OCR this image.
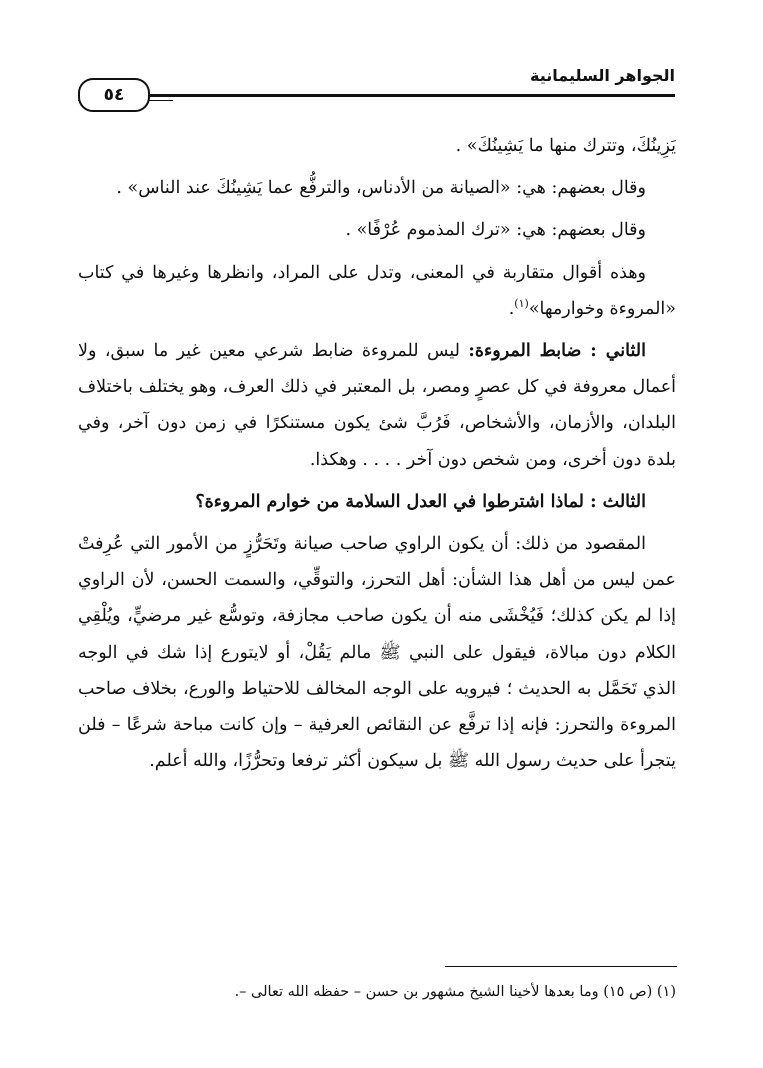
الجواهر السليمانية
٥٤

يَزِينُكَ، وتترك منها ما يَشِينُكَ» .

وقال بعضهم: هي: «الصيانة من الأدناس، والترفُّع عما يَشِينُكَ عند الناس» .

وقال بعضهم: هي: «ترك المذموم عُرْفًا» .

وهذه أقوال متقاربة في المعنى، وتدل على المراد، وانظرها وغيرها في كتاب «المروءة وخوارمها»$^{(١)}$.

الثاني : ضابط المروءة: ليس للمروءة ضابط شرعي معين غير ما سبق، ولا أعمال معروفة في كل عصرٍ ومصر، بل المعتبر في ذلك العرف، وهو يختلف باختلاف البلدان، والأزمان، والأشخاص، فَرُبَّ شئ يكون مستنكرًا في زمن دون آخر، وفي بلدة دون أخرى، ومن شخص دون آخر . . . . وهكذا.

الثالث : لماذا اشترطوا في العدل السلامة من خوارم المروءة؟

المقصود من ذلك: أن يكون الراوي صاحب صيانة وتَحَرُّزٍ من الأمور التي عُرِفتْ عمن ليس من أهل هذا الشأن: أهل التحرز، والتوقِّي، والسمت الحسن، لأن الراوي إذا لم يكن كذلك؛ فَيُخْشَى منه أن يكون صاحب مجازفة، وتوسُّع غير مرضيٍّ، ويُلْقِي الكلام دون مبالاة، فيقول على النبي ﷺ مالم يَقُلْ، أو لايتورع إذا شك في الوجه الذي تَحَمَّل به الحديث ؛ فيرويه على الوجه المخالف للاحتياط والورع، بخلاف صاحب المروءة والتحرز: فإنه إذا ترفَّع عن النقائص العرفية – وإن كانت مباحة شرعًا – فلن يتجرأ على حديث رسول الله ﷺ بل سيكون أكثر ترفعا وتحرُّزًا، والله أعلم.

(١) (ص ١٥) وما بعدها لأخينا الشيخ مشهور بن حسن – حفظه الله تعالى –.
